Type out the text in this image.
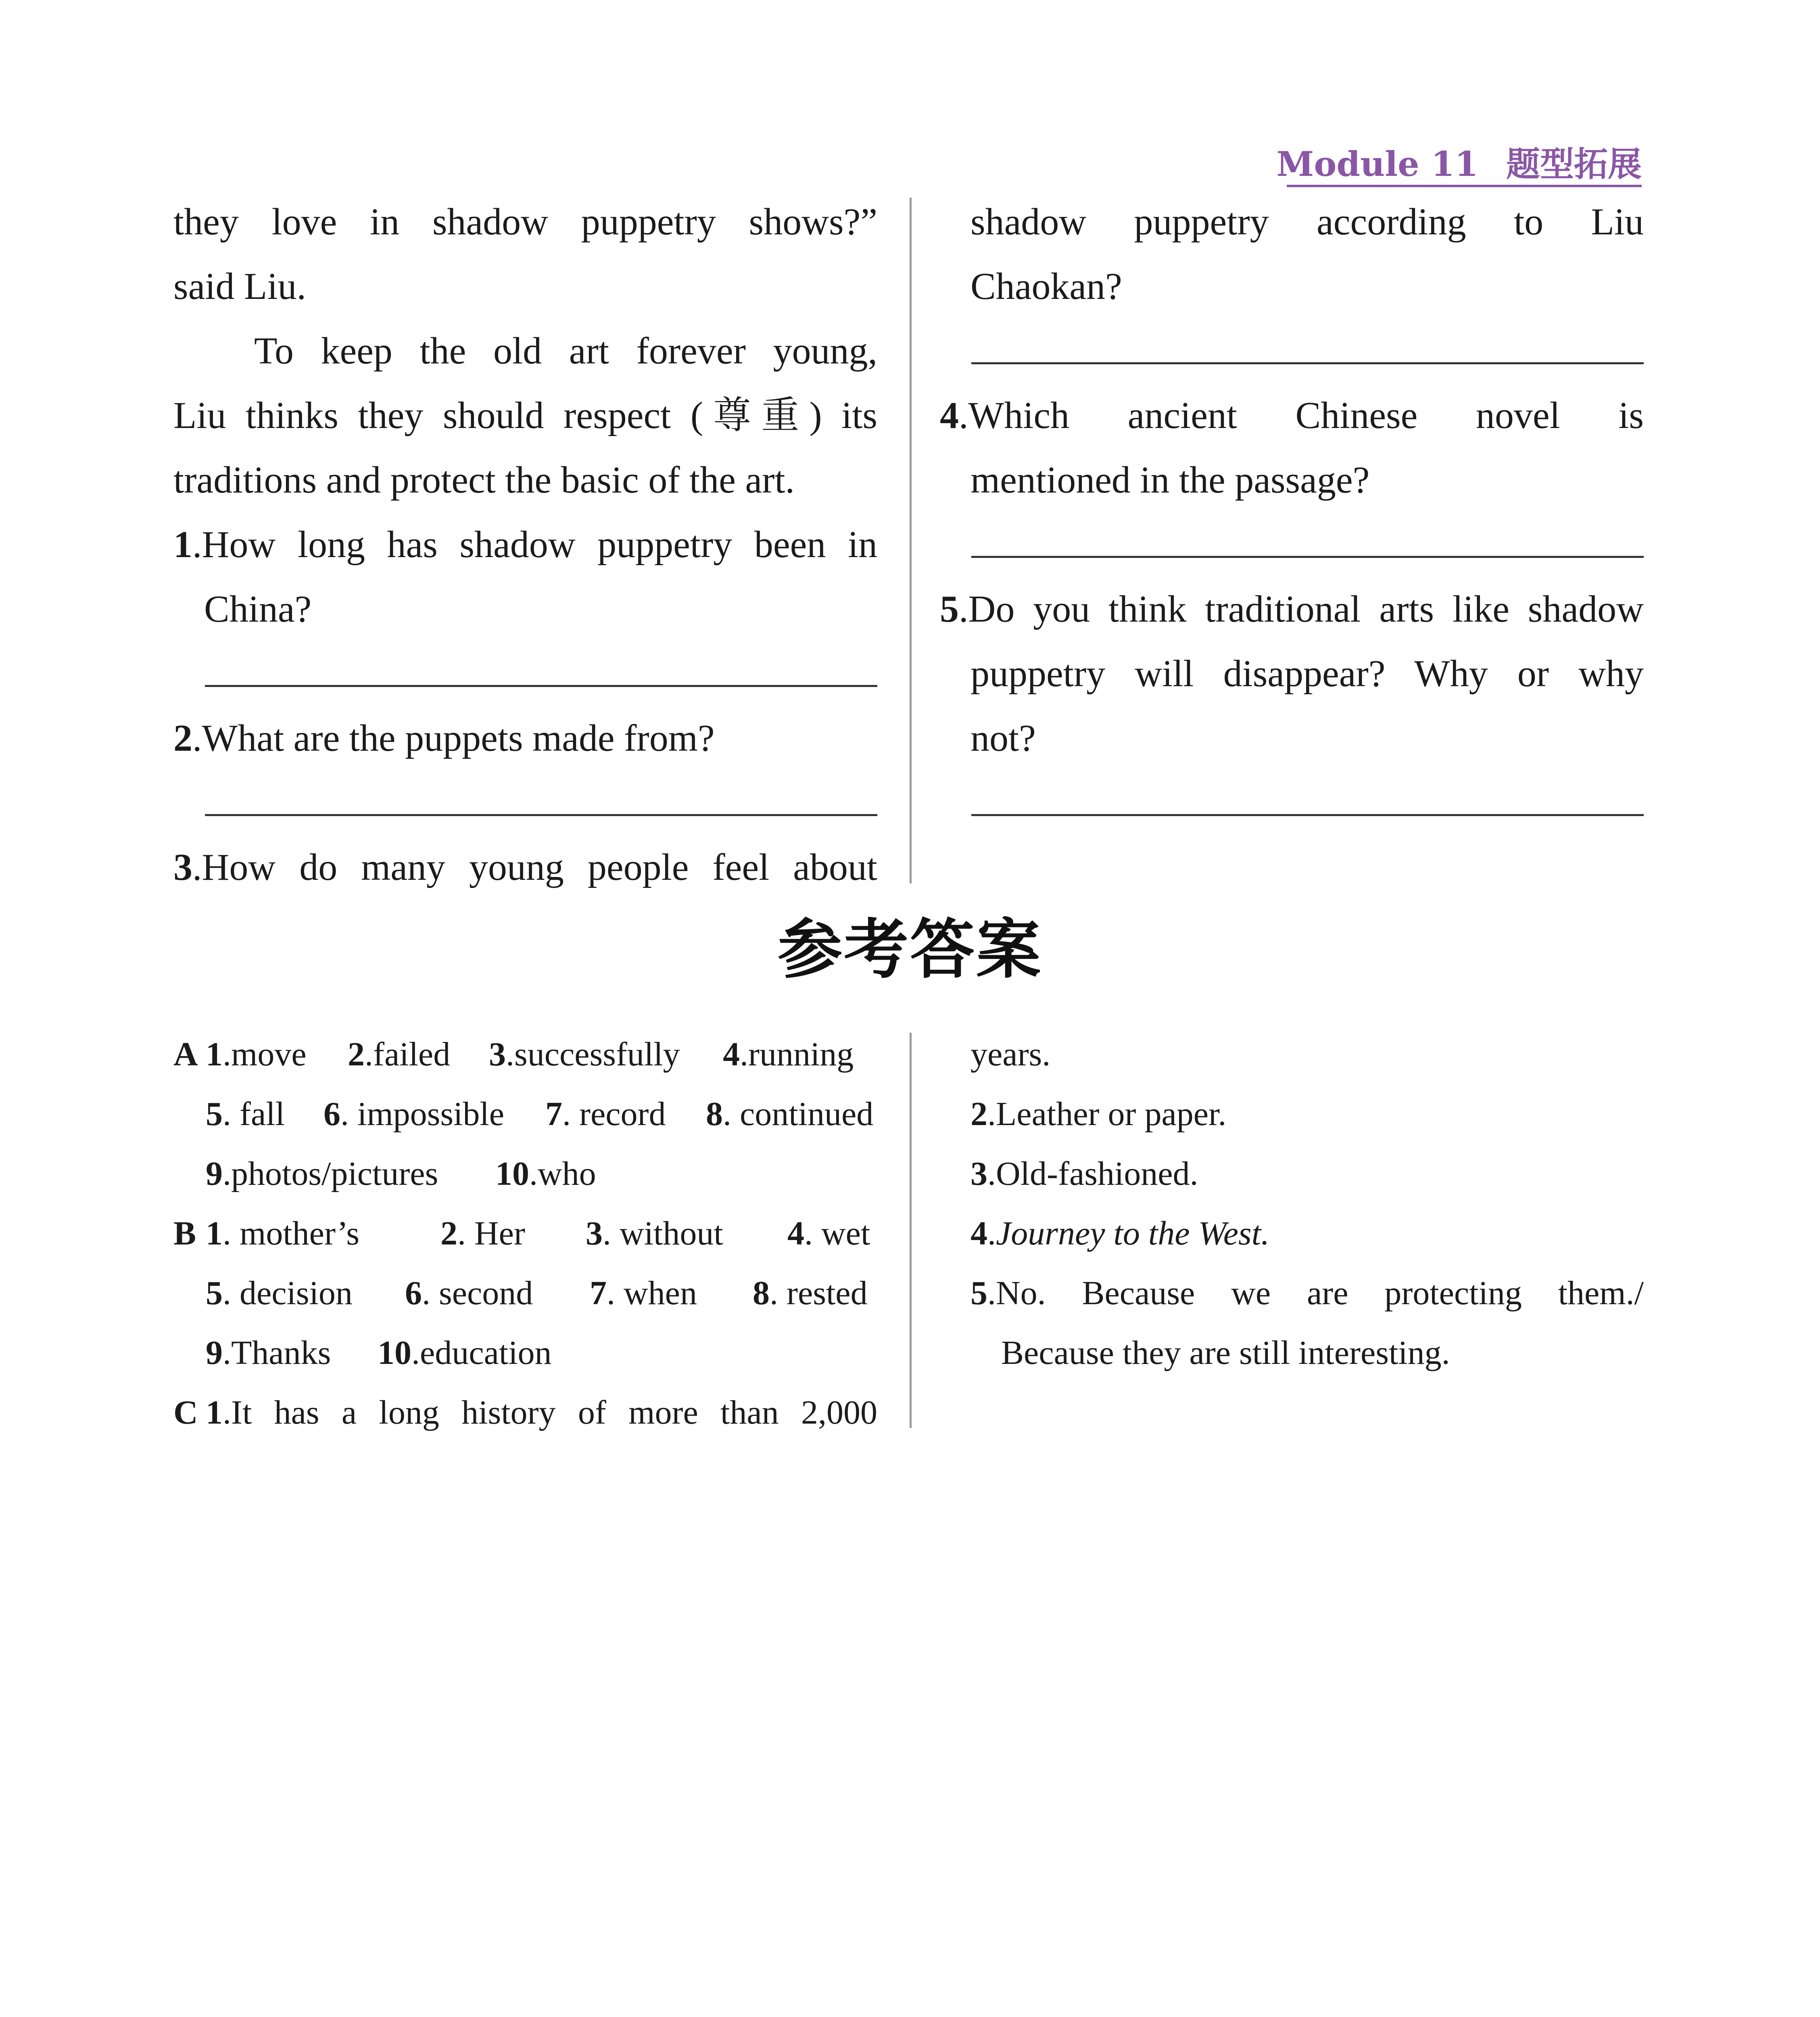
Module 11 题型拓展
they love in shadow puppetry shows?”
said Liu.
To keep the old art forever young,
Liu thinks they should respect (尊重) its
traditions and protect the basic of the art.
1.How long has shadow puppetry been in
China?
2.What are the puppets made from?
3.How do many young people feel about
shadow puppetry according to Liu
Chaokan?
4.Which ancient Chinese novel is
mentioned in the passage?
5.Do you think traditional arts like shadow
puppetry will disappear? Why or why
not?
参考答案
A 1.move 2.failed 3.successfully 4.running
5. fall 6. impossible 7. record 8. continued
9.photos/pictures 10.who
B 1. mother’s 2. Her 3. without 4. wet
5. decision 6. second 7. when 8. rested
9.Thanks 10.education
C 1.It has a long history of more than 2,000
years.
2.Leather or paper.
3.Old-fashioned.
4.Journey to the West.
5.No. Because we are protecting them./
Because they are still interesting.
